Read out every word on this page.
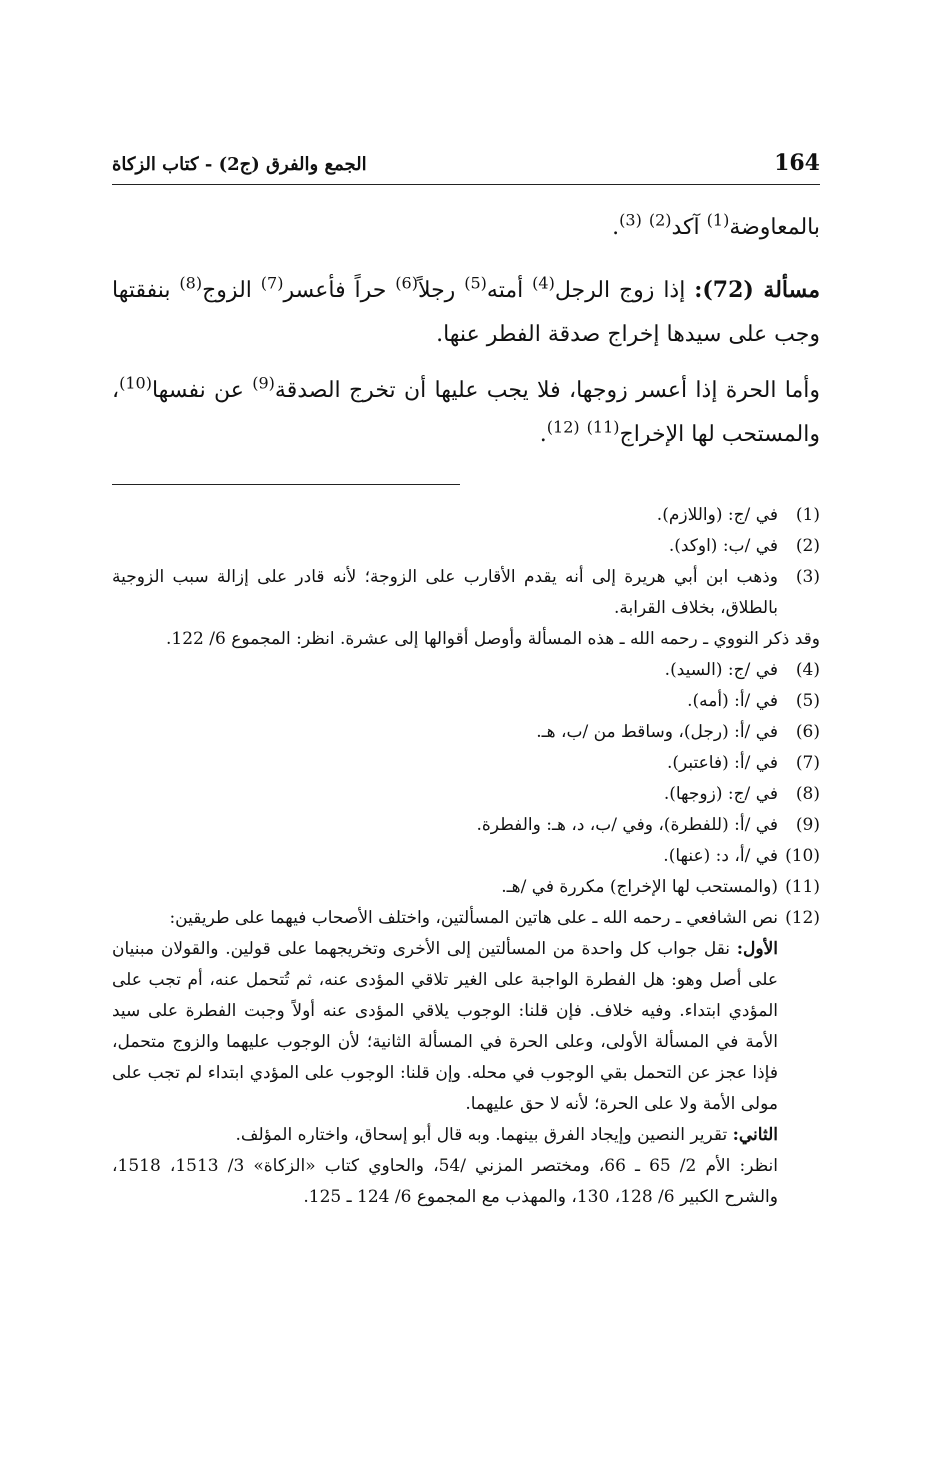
164
الجمع والفرق (ج2) - كتاب الزكاة

بالمعاوضة$^{(1)}$ آكد$^{(2)}$ $^{(3)}$.

مسألة (72): إذا زوج الرجل$^{(4)}$ أمته$^{(5)}$ رجلاً$^{(6)}$ حراً فأعسر$^{(7)}$ الزوج$^{(8)}$ بنفقتها وجب على سيدها إخراج صدقة الفطر عنها.

وأما الحرة إذا أعسر زوجها، فلا يجب عليها أن تخرج الصدقة$^{(9)}$ عن نفسها$^{(10)}$، والمستحب لها الإخراج$^{(11)}$ $^{(12)}$.

(1)
في /ج: (واللازم).
(2)
في /ب: (اوكد).
(3)
وذهب ابن أبي هريرة إلى أنه يقدم الأقارب على الزوجة؛ لأنه قادر على إزالة سبب الزوجية بالطلاق، بخلاف القرابة.
وقد ذكر النووي ـ رحمه الله ـ هذه المسألة وأوصل أقوالها إلى عشرة. انظر: المجموع 6/ 122.
(4)
في /ج: (السيد).
(5)
في /أ: (أمه).
(6)
في /أ: (رجل)، وساقط من /ب، هـ.
(7)
في /أ: (فاعتبر).
(8)
في /ج: (زوجها).
(9)
في /أ: (للفطرة)، وفي /ب، د، هـ: والفطرة.
(10)
في /أ، د: (عنها).
(11)
(والمستحب لها الإخراج) مكررة في /هـ.
(12)
نص الشافعي ـ رحمه الله ـ على هاتين المسألتين، واختلف الأصحاب فيهما على طريقين:
الأول: نقل جواب كل واحدة من المسألتين إلى الأخرى وتخريجهما على قولين. والقولان مبنيان على أصل وهو: هل الفطرة الواجبة على الغير تلاقي المؤدى عنه، ثم تُتحمل عنه، أم تجب على المؤدي ابتداء. وفيه خلاف. فإن قلنا: الوجوب يلاقي المؤدى عنه أولاً وجبت الفطرة على سيد الأمة في المسألة الأولى، وعلى الحرة في المسألة الثانية؛ لأن الوجوب عليهما والزوج متحمل، فإذا عجز عن التحمل بقي الوجوب في محله. وإن قلنا: الوجوب على المؤدي ابتداء لم تجب على مولى الأمة ولا على الحرة؛ لأنه لا حق عليهما.
الثاني: تقرير النصين وإيجاد الفرق بينهما. وبه قال أبو إسحاق، واختاره المؤلف.
انظر: الأم 2/ 65 ـ 66، ومختصر المزني /54، والحاوي كتاب «الزكاة» 3/ 1513، 1518، والشرح الكبير 6/ 128، 130، والمهذب مع المجموع 6/ 124 ـ 125.
